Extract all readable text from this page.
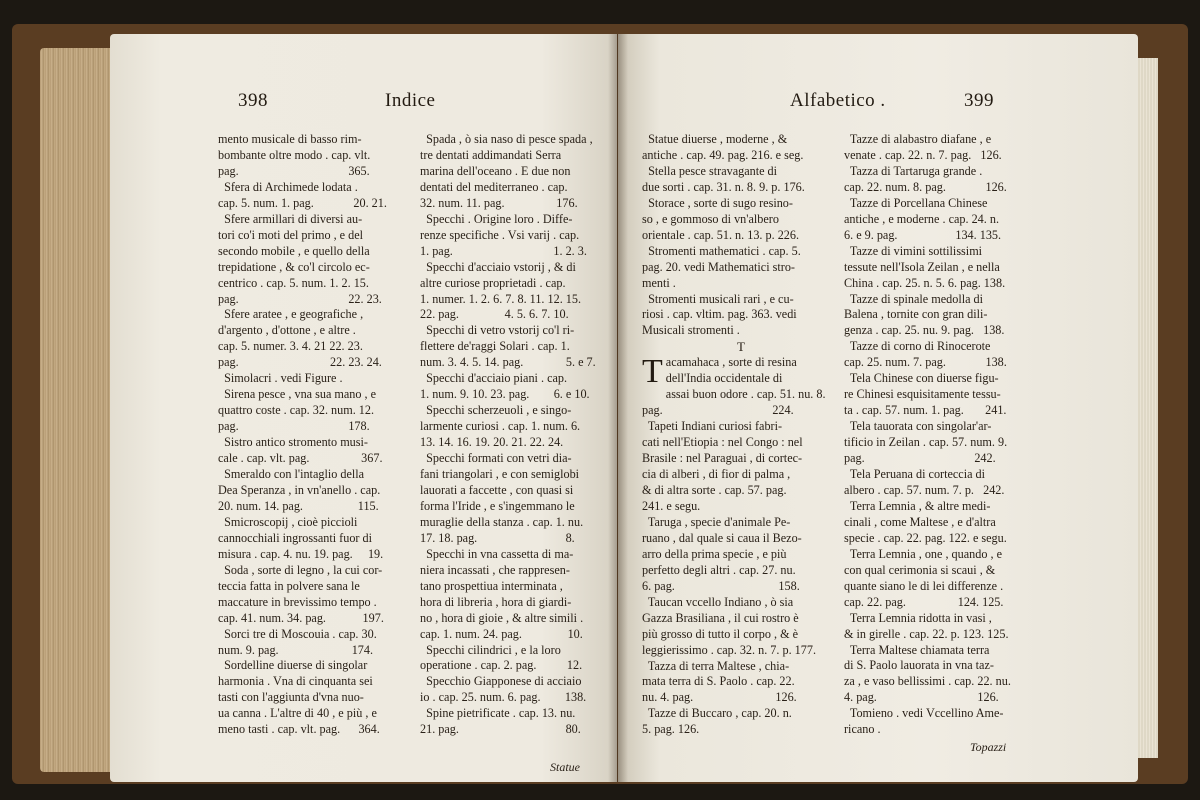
398	Indice
mento musicale di basso rim-
bombante oltre modo . cap. vlt.
pag.                                    365.
Sfera di Archimede lodata .
cap. 5. num. 1. pag.             20. 21.
Sfere armillari di diversi au-
tori co'i moti del primo , e del
secondo mobile , e quello della
trepidatione , & co'l circolo ec-
centrico . cap. 5. num. 1. 2. 15.
pag.                                    22. 23.
Sfere aratee , e geografiche ,
d'argento , d'ottone , e altre .
cap. 5. numer. 3. 4. 21 22. 23.
pag.                              22. 23. 24.
Simolacri . vedi Figure .
Sirena pesce , vna sua mano , e
quattro coste . cap. 32. num. 12.
pag.                                    178.
Sistro antico stromento musi-
cale . cap. vlt. pag.                 367.
Smeraldo con l'intaglio della
Dea Speranza , in vn'anello . cap.
20. num. 14. pag.                  115.
Smicroscopij , cioè piccioli
cannocchiali ingrossanti fuor di
misura . cap. 4. nu. 19. pag.     19.
Soda , sorte di legno , la cui cor-
teccia fatta in polvere sana le
maccature in brevissimo tempo .
cap. 41. num. 34. pag.            197.
Sorci tre di Moscouia . cap. 30.
num. 9. pag.                        174.
Sordelline diuerse di singolar
harmonia . Vna di cinquanta sei
tasti con l'aggiunta d'vna nuo-
ua canna . L'altre di 40 , e più , e
meno tasti . cap. vlt. pag.      364.
Spada , ò sia naso di pesce spada ,
tre dentati addimandati Serra
marina dell'oceano . E due non
dentati del mediterraneo . cap.
32. num. 11. pag.                 176.
Specchi . Origine loro . Diffe-
renze specifiche . Vsi varij . cap.
1. pag.                                 1. 2. 3.
Specchi d'acciaio vstorij , & di
altre curiose proprietadi . cap.
1. numer. 1. 2. 6. 7. 8. 11. 12. 15.
22. pag.               4. 5. 6. 7. 10.
Specchi di vetro vstorij co'l ri-
flettere de'raggi Solari . cap. 1.
num. 3. 4. 5. 14. pag.              5. e 7.
Specchi d'acciaio piani . cap.
1. num. 9. 10. 23. pag.        6. e 10.
Specchi scherzeuoli , e singo-
larmente curiosi . cap. 1. num. 6.
13. 14. 16. 19. 20. 21. 22. 24.
Specchi formati con vetri dia-
fani triangolari , e con semiglobi
lauorati a faccette , con quasi si
forma l'Iride , e s'ingemmano le
muraglie della stanza . cap. 1. nu.
17. 18. pag.                             8.
Specchi in vna cassetta di ma-
niera incassati , che rappresen-
tano prospettiua interminata ,
hora di libreria , hora di giardi-
no , hora di gioie , & altre simili .
cap. 1. num. 24. pag.               10.
Specchi cilindrici , e la loro
operatione . cap. 2. pag.          12.
Specchio Giapponese di acciaio
io . cap. 25. num. 6. pag.        138.
Spine pietrificate . cap. 13. nu.
21. pag.                                   80.
Statue
Alfabetico .	399
Statue diuerse , moderne , &
antiche . cap. 49. pag. 216. e seg.
Stella pesce stravagante di
due sorti . cap. 31. n. 8. 9. p. 176.
Storace , sorte di sugo resino-
so , e gommoso di vn'albero
orientale . cap. 51. n. 13. p. 226.
Stromenti mathematici . cap. 5.
pag. 20. vedi Mathematici stro-
menti .
Stromenti musicali rari , e cu-
riosi . cap. vltim. pag. 363. vedi
Musicali stromenti .
T
T acamahaca , sorte di resina
dell'India occidentale di
assai buon odore . cap. 51. nu. 8.
pag.                                    224.
Tapeti Indiani curiosi fabri-
cati nell'Etiopia : nel Congo : nel
Brasile : nel Paraguai , di cortec-
cia di alberi , di fior di palma ,
& di altra sorte . cap. 57. pag.
241. e segu.
Taruga , specie d'animale Pe-
ruano , dal quale si caua il Bezo-
arro della prima specie , e più
perfetto degli altri . cap. 27. nu.
6. pag.                                  158.
Taucan vccello Indiano , ò sia
Gazza Brasiliana , il cui rostro è
più grosso di tutto il corpo , & è
leggierissimo . cap. 32. n. 7. p. 177.
Tazza di terra Maltese , chia-
mata terra di S. Paolo . cap. 22.
nu. 4. pag.                           126.
Tazze di Buccaro , cap. 20. n.
5. pag. 126.
Tazze di alabastro diafane , e
venate . cap. 22. n. 7. pag.   126.
Tazza di Tartaruga grande .
cap. 22. num. 8. pag.             126.
Tazze di Porcellana Chinese
antiche , e moderne . cap. 24. n.
6. e 9. pag.                   134. 135.
Tazze di vimini sottilissimi
tessute nell'Isola Zeilan , e nella
China . cap. 25. n. 5. 6. pag. 138.
Tazze di spinale medolla di
Balena , tornite con gran dili-
genza . cap. 25. nu. 9. pag.   138.
Tazze di corno di Rinocerote
cap. 25. num. 7. pag.             138.
Tela Chinese con diuerse figu-
re Chinesi esquisitamente tessu-
ta . cap. 57. num. 1. pag.       241.
Tela tauorata con singolar'ar-
tificio in Zeilan . cap. 57. num. 9.
pag.                                    242.
Tela Peruana di corteccia di
albero . cap. 57. num. 7. p.   242.
Terra Lemnia , & altre medi-
cinali , come Maltese , e d'altra
specie . cap. 22. pag. 122. e segu.
Terra Lemnia , one , quando , e
con qual cerimonia si scaui , &
quante siano le di lei differenze .
cap. 22. pag.                 124. 125.
Terra Lemnia ridotta in vasi ,
& in girelle . cap. 22. p. 123. 125.
Terra Maltese chiamata terra
di S. Paolo lauorata in vna taz-
za , e vaso bellissimi . cap. 22. nu.
4. pag.                                 126.
Tomieno . vedi Vccellino Ame-
ricano .
Topazzi
